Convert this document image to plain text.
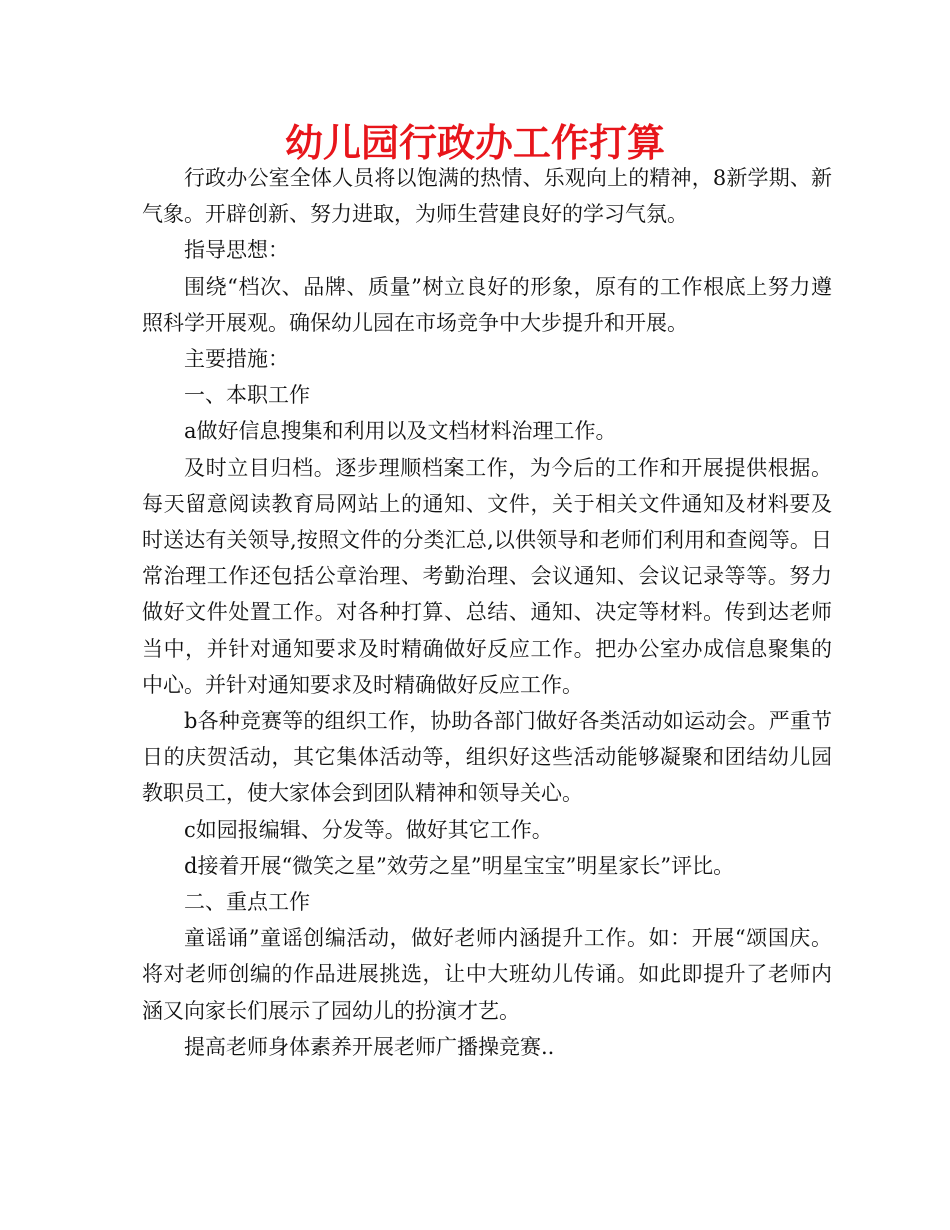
幼儿园行政办工作打算

行政办公室全体人员将以饱满的热情、乐观向上的精神，8新学期、新气象。开辟创新、努力进取，为师生营建良好的学习气氛。

指导思想：

围绕“档次、品牌、质量”树立良好的形象，原有的工作根底上努力遵照科学开展观。确保幼儿园在市场竞争中大步提升和开展。

主要措施：

一、本职工作

a做好信息搜集和利用以及文档材料治理工作。

及时立目归档。逐步理顺档案工作，为今后的工作和开展提供根据。每天留意阅读教育局网站上的通知、文件，关于相关文件通知及材料要及时送达有关领导,按照文件的分类汇总,以供领导和老师们利用和查阅等。日常治理工作还包括公章治理、考勤治理、会议通知、会议记录等等。努力做好文件处置工作。对各种打算、总结、通知、决定等材料。传到达老师当中，并针对通知要求及时精确做好反应工作。把办公室办成信息聚集的中心。并针对通知要求及时精确做好反应工作。

b各种竞赛等的组织工作，协助各部门做好各类活动如运动会。严重节日的庆贺活动，其它集体活动等，组织好这些活动能够凝聚和团结幼儿园教职员工，使大家体会到团队精神和领导关心。

c如园报编辑、分发等。做好其它工作。

d接着开展“微笑之星”效劳之星”明星宝宝”明星家长”评比。

二、重点工作

童谣诵”童谣创编活动，做好老师内涵提升工作。如：开展“颂国庆。将对老师创编的作品进展挑选，让中大班幼儿传诵。如此即提升了老师内涵又向家长们展示了园幼儿的扮演才艺。

提高老师身体素养开展老师广播操竞赛..
